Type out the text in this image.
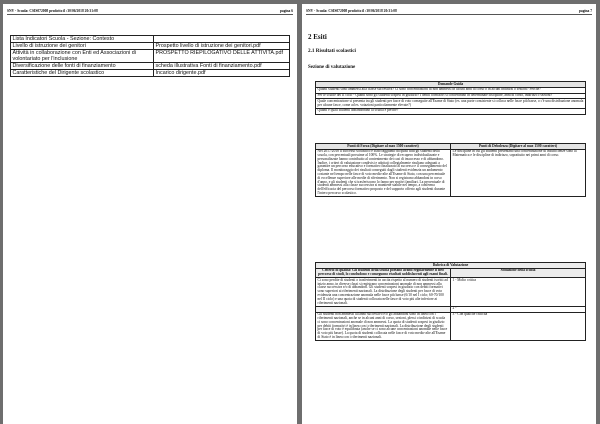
SNV - Scuola: CSIS072008 prodotto il :30/06/2018 20:31:08	pagina 6
Lista Indicatori Scuola - Sezione: Contesto	
Livello di istruzione dei genitori	Prospetto livello di istruzione dei genitori.pdf
Attività in collaborazione con Enti ed Associazioni di volontariato per l'inclusione	PROSPETTO RIEPILOGATIVO DELLE ATTIVITA.pdf
Diversificazione delle fonti di finanziamento	scheda illustrativa Fonti di finanziamento.pdf
Caratteristiche del Dirigente scolastico	Incarico dirigente.pdf
SNV - Scuola: CSIS072008 prodotto il :30/06/2018 20:31:08	pagina 7
2 Esiti
2.1 Risultati scolastici
Sezione di valutazione
Domande Guida
Quanti studenti sono ammessi alla classe successiva? Ci sono concentrazioni di non ammessi in alcuni anni di corso o in alcuni indirizzi o sezioni? Perché?
Per le scuole del II ciclo - Quanti sono gli studenti sospesi in giudizio? I debiti formativi si concentrano in determinate discipline, anni di corso, indirizzi o sezioni?
Quale concentrazione si presenta tra gli studenti per fasce di voto conseguite all'Esame di Stato (es. una parte consistente si colloca nelle fasce più basse, o c'è una distribuzione anomala per alcune fasce, come ad es. votazioni particolarmente elevate?)
Quanti e quali studenti abbandonano la scuola e perché?
Punti di Forza (Digitare al max 1500 caratteri)	Punti di Debolezza (Digitare al max 1500 caratteri)
Nel 2017/2018 il successo scolastico è stato raggiunto da quasi tutti gli studenti della scuola, con percentuali prossime al 100%. Le strategie di recupero individualizzate e personalizzate hanno contribuito al contenimento dei casi di insuccesso e di abbandono. Inoltre, i criteri di valutazione condivisi e adottati collegialmente risultano adeguati a garantire un percorso educativo e formativo finalizzato al successo e il conseguimento del diploma. Il monitoraggio dei risultati conseguiti dagli studenti evidenzia un andamento costante nel tempo nelle fasce di voto medio-alte all'Esame di Stato, con una percentuale di eccellenze superiore alle medie di riferimento. Non si registrano abbandoni in corso d'anno, e gli studenti che si trasferiscono lo fanno per motivi familiari. La percentuale di studenti ammessi alla classe successiva si mantiene stabile nel tempo, a conferma dell'efficacia del percorso formativo proposto e del supporto offerto agli studenti durante l'intero percorso scolastico.	Le discipline in cui gli studenti presentano una concentrazione di insufficienze sono la Matematica e le discipline di indirizzo, soprattutto nei primi anni di corso.
Rubrica di Valutazione	
Criterio di qualità: Gli studenti della scuola portano avanti regolarmente il loro percorso di studi, lo concludono e conseguono risultati soddisfacenti agli esami finali.	Situazione della scuola
Ci sono perdite di studenti o trasferimenti in uscita rispetto al numero di studenti iscritti ad inizio anno, in diverse classi si registrano concentrazioni anomale di non ammessi alla classe successiva e/o di abbandoni. Gli studenti sospesi in giudizio con debiti formativi sono superiori ai riferimenti nazionali. La distribuzione degli studenti per fasce di voto evidenzia una concentrazione anomala nelle fasce più basse (6/10 nel I ciclo; 60-70/100 nel II ciclo) e una quota di studenti collocata nelle fasce di voto più alte inferiore ai riferimenti nazionali.	1 - Molto critica
	2 -
Gli studenti non ammessi all'anno successivo e/o gli abbandoni sono in linea con i riferimenti nazionali, anche se in alcuni anni di corso, sezioni, plessi o indirizzi di scuola ci sono concentrazioni anomale di non ammessi. La quota di studenti sospesi in giudizio per debiti formativi è in linea con i riferimenti nazionali. La distribuzione degli studenti per fasce di voto è equilibrata (anche se ci sono alcune concentrazioni anomale nelle fasce di voto più basse). La quota di studenti collocata nelle fasce di voto medio-alte all'Esame di Stato è in linea con i riferimenti nazionali.	3 - Con qualche criticità
